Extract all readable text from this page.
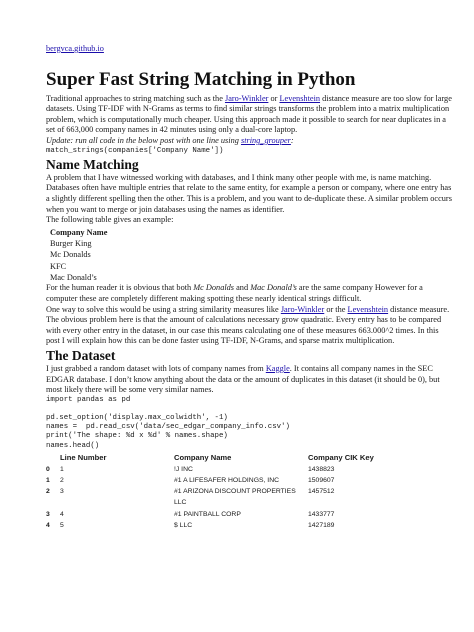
bergvca.github.io
Super Fast String Matching in Python

Traditional approaches to string matching such as the Jaro-Winkler or Levenshtein distance measure are too slow for large datasets. Using TF-IDF with N-Grams as terms to find similar strings transforms the problem into a matrix multiplication problem, which is computationally much cheaper. Using this approach made it possible to search for near duplicates in a set of 663,000 company names in 42 minutes using only a dual-core laptop.

Update: run all code in the below post with one line using string_grouper:

match_strings(companies['Company Name'])
Name Matching

A problem that I have witnessed working with databases, and I think many other people with me, is name matching. Databases often have multiple entries that relate to the same entity, for example a person or company, where one entry has a slightly different spelling then the other. This is a problem, and you want to de-duplicate these. A similar problem occurs when you want to merge or join databases using the names as identifier.

The following table gives an example:

Company Name
Burger King
Mc Donalds
KFC
Mac Donald’s

For the human reader it is obvious that both Mc Donalds and Mac Donald’s are the same company However for a computer these are completely different making spotting these nearly identical strings difficult.

One way to solve this would be using a string similarity measures like Jaro-Winkler or the Levenshtein distance measure. The obvious problem here is that the amount of calculations necessary grow quadratic. Every entry has to be compared with every other entry in the dataset, in our case this means calculating one of these measures 663.000^2 times. In this post I will explain how this can be done faster using TF-IDF, N-Grams, and sparse matrix multiplication.

The Dataset

I just grabbed a random dataset with lots of company names from Kaggle. It contains all company names in the SEC EDGAR database. I don’t know anything about the data or the amount of duplicates in this dataset (it should be 0), but most likely there will be some very similar names.

import pandas as pd
pd.set_option('display.max_colwidth', -1)
names =  pd.read_csv('data/sec_edgar_company_info.csv')
print('The shape: %d x %d' % names.shape)
names.head()
	Line Number	Company Name	Company CIK Key
0	1	!J INC	1438823
1	2	#1 A LIFESAFER HOLDINGS, INC	1509607
2	3	#1 ARIZONA DISCOUNT PROPERTIES LLC	1457512
3	4	#1 PAINTBALL CORP	1433777
4	5	$ LLC	1427189
